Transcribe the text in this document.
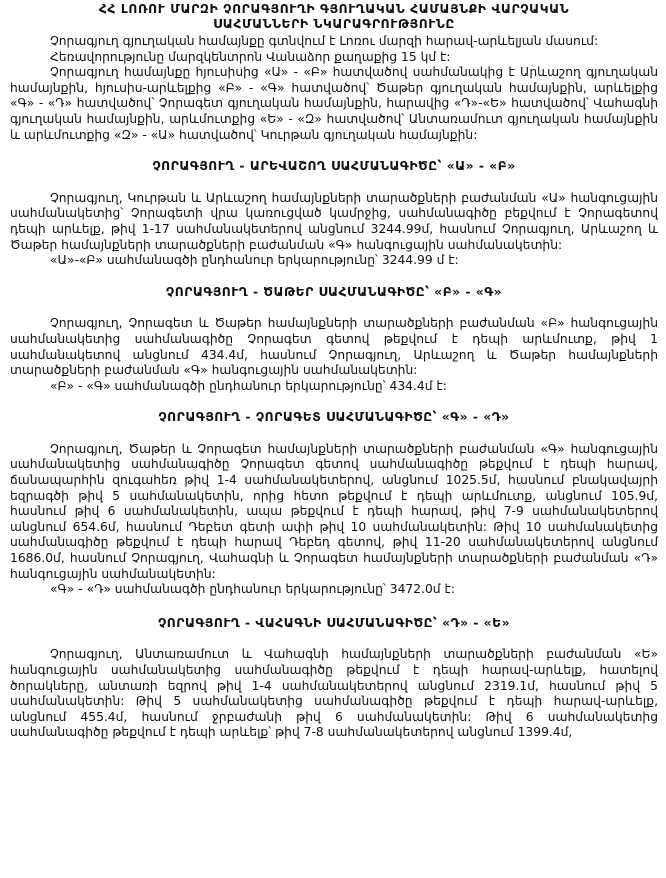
ՀՀ ԼՈՌՈՒ ՄԱՐԶԻ ՉՈՐԱԳՅՈՒՂԻ ԳՅՈՒՂԱԿԱՆ ՀԱՄԱՅՆՔԻ ՎԱՐՉԱԿԱՆ

ՍԱՀՄԱՆՆԵՐԻ ՆԿԱՐԱԳՐՈՒԹՅՈՒՆԸ

Չորագյուղ գյուղական համայնքը գտնվում է Լոռու մարզի հարավ-արևելյան մասում:

Հեռավորությունը մարզկենտրոն Վանաձոր քաղաքից 15 կմ է:

Չորագյուղ համայնքը հյուսիսից «Ա» - «Բ» հատվածով սահմանակից է Արևաշող գյուղական համայնքին, հյուսիս-արևելքից «Բ» - «Գ» հատվածով՝ Ծաթեր գյուղական համայնքին, արևելքից «Գ» - «Դ» հատվածով՝ Չորագետ գյուղական համայնքին, հարավից «Դ»-«Ե» հատվածով՝ Վահագնի գյուղական համայնքին, արևմուտքից «Ե» - «Զ» հատվածով՝ Անտառամուտ գյուղական համայնքին և արևմուտքից «Զ» - «Ա» հատվածով՝ Կուրթան գյուղական համայնքին:

ՉՈՐԱԳՅՈՒՂ - ԱՐԵՎԱՇՈՂ ՍԱՀՄԱՆԱԳԻԾԸ՝ «Ա» - «Բ»

Չորագյուղ, Կուրթան և Արևաշող համայնքների տարածքների բաժանման «Ա» հանգուցային սահմանակետից՝ Չորագետի վրա կառուցված կամրջից, սահմանագիծը բեքվում է Չորագետով դեպի արևելք, թիվ 1-17 սահմանակետերով անցնում 3244.99մ, հասնում Չորագյուղ, Արևաշող և Ծաթեր համայնքների տարածքների բաժանման «Գ» հանգուցային սահմանակետին:

«Ա»-«Բ» սահմանագծի ընդհանուր երկարությունը՝ 3244.99 մ է:

ՉՈՐԱԳՅՈՒՂ - ԾԱԹԵՐ ՍԱՀՄԱՆԱԳԻԾԸ՝ «Բ» - «Գ»

Չորագյուղ, Չորագետ և Ծաթեր համայնքների տարածքների բաժանման «Բ» հանգուցային սահմանակետից սահմանագիծը Չորագետ գետով թեքվում է դեպի արևմուտք, թիվ 1 սահմանակետով անցնում 434.4մ, հասնում Չորագյուղ, Արևաշող և Ծաթեր համայնքների տարածքների բաժանման «Գ» հանգուցային սահմանակետին:

«Բ» - «Գ» սահմանագծի ընդհանուր երկարությունը՝ 434.4մ է:

ՉՈՐԱԳՅՈՒՂ - ՉՈՐԱԳԵՏ ՍԱՀՄԱՆԱԳԻԾԸ՝ «Գ» - «Դ»

Չորագյուղ, Ծաթեր և Չորագետ համայնքների տարածքների բաժանման «Գ» հանգուցային սահմանակետից սահմանագիծը Չորագետ գետով սահմանագիծը թեքվում է դեպի հարավ, ճանապարհին զուգահեռ թիվ 1-4 սահմանակետերով, անցնում 1025.5մ, հասնում բնակավայրի եզրագծի թիվ 5 սահմանակետին, որից հետո թեքվում է դեպի արևմուտք, անցնում 105.9մ, հասնում թիվ 6 սահմանակետին, ապա թեքվում է դեպի հարավ, թիվ 7-9 սահմանակետերով անցնում 654.6մ, հասնում Դեբետ գետի ափի թիվ 10 սահմանակետին: Թիվ 10 սահմանակետից սահմանագիծը թեքվում է դեպի հարավ Դեբեդ գետով, թիվ 11-20 սահմանակետերով անցնում 1686.0մ, հասնում Չորագյուղ, Վահագնի և Չորագետ համայնքների տարածքների բաժանման «Դ» հանգուցային սահմանակետին:

«Գ» - «Դ» սահմանագծի ընդհանուր երկարությունը՝ 3472.0մ է:

ՉՈՐԱԳՅՈՒՂ - ՎԱՀԱԳՆԻ ՍԱՀՄԱՆԱԳԻԾԸ՝ «Դ» - «Ե»

Չորագյուղ, Անտառամուտ և Վահագնի համայնքների տարածքների բաժանման «Ե» հանգուցային սահմանակետից սահմանագիծը թեքվում է դեպի հարավ-արևելք, հատելով ծորակները, անտառի եզրով թիվ 1-4 սահմանակետերով անցնում 2319.1մ, հասնում թիվ 5 սահմանակետին: Թիվ 5 սահմանակետից սահմանագիծը թեքվում է դեպի հարավ-արևելք, անցնում 455.4մ, հասնում ջրբաժանի թիվ 6 սահմանակետին: Թիվ 6 սահմանակետից սահմանագիծը թեքվում է դեպի արևելք՝ թիվ 7-8 սահմանակետերով անցնում 1399.4մ,
